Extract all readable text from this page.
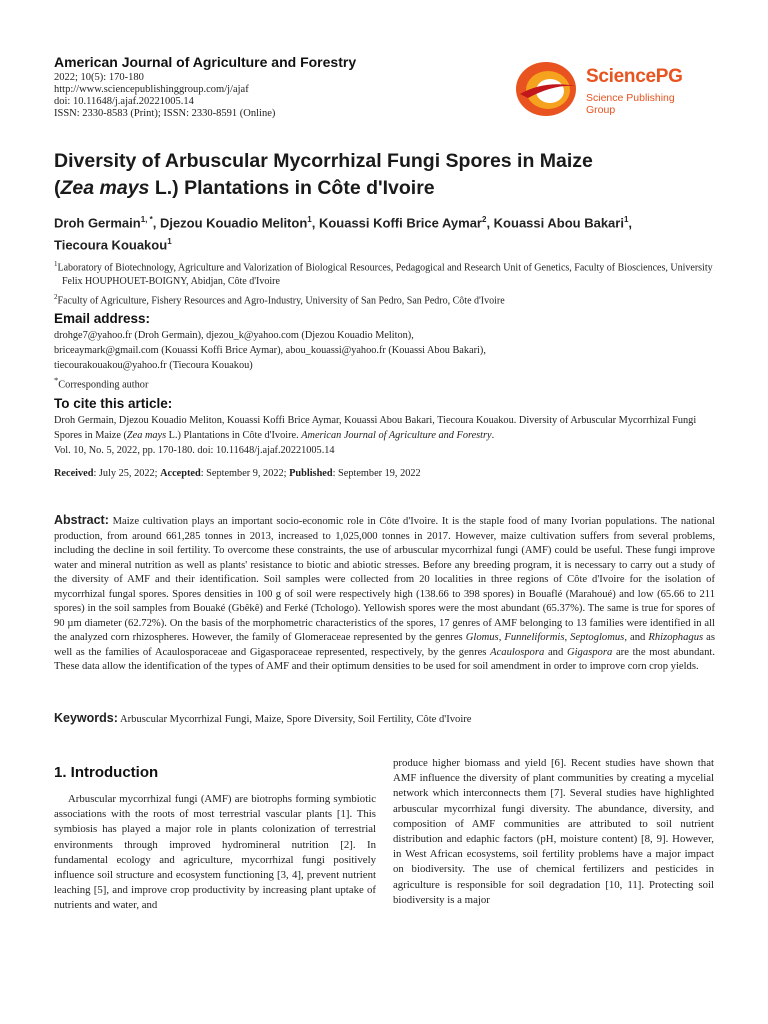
American Journal of Agriculture and Forestry
2022; 10(5): 170-180
http://www.sciencepublishinggroup.com/j/ajaf
doi: 10.11648/j.ajaf.20221005.14
ISSN: 2330-8583 (Print); ISSN: 2330-8591 (Online)
SciencePG
Science Publishing Group
Diversity of Arbuscular Mycorrhizal Fungi Spores in Maize
(Zea mays L.) Plantations in Côte d'Ivoire
Droh Germain$^{1, *}$, Djezou Kouadio Meliton$^1$, Kouassi Koffi Brice Aymar$^2$, Kouassi Abou Bakari$^1$,
Tiecoura Kouakou$^1$
$^1$Laboratory of Biotechnology, Agriculture and Valorization of Biological Resources, Pedagogical and Research Unit of Genetics, Faculty of Biosciences, University Felix HOUPHOUET-BOIGNY, Abidjan, Côte d'Ivoire
$^2$Faculty of Agriculture, Fishery Resources and Agro-Industry, University of San Pedro, San Pedro, Côte d'Ivoire
Email address:
drohge7@yahoo.fr (Droh Germain), djezou_k@yahoo.com (Djezou Kouadio Meliton),
briceaymark@gmail.com (Kouassi Koffi Brice Aymar), abou_kouassi@yahoo.fr (Kouassi Abou Bakari),
tiecourakouakou@yahoo.fr (Tiecoura Kouakou)
*Corresponding author
To cite this article:
Droh Germain, Djezou Kouadio Meliton, Kouassi Koffi Brice Aymar, Kouassi Abou Bakari, Tiecoura Kouakou. Diversity of Arbuscular Mycorrhizal Fungi Spores in Maize (Zea mays L.) Plantations in Côte d'Ivoire. American Journal of Agriculture and Forestry.
Vol. 10, No. 5, 2022, pp. 170-180. doi: 10.11648/j.ajaf.20221005.14
Received: July 25, 2022; Accepted: September 9, 2022; Published: September 19, 2022
Abstract: Maize cultivation plays an important socio-economic role in Côte d'Ivoire. It is the staple food of many Ivorian populations. The national production, from around 661,285 tonnes in 2013, increased to 1,025,000 tonnes in 2017. However, maize cultivation suffers from several problems, including the decline in soil fertility. To overcome these constraints, the use of arbuscular mycorrhizal fungi (AMF) could be useful. These fungi improve water and mineral nutrition as well as plants' resistance to biotic and abiotic stresses. Before any breeding program, it is necessary to carry out a study of the diversity of AMF and their identification. Soil samples were collected from 20 localities in three regions of Côte d'Ivoire for the isolation of mycorrhizal fungal spores. Spores densities in 100 g of soil were respectively high (138.66 to 398 spores) in Bouaflé (Marahoué) and low (65.66 to 211 spores) in the soil samples from Bouaké (Gbêkê) and Ferké (Tchologo). Yellowish spores were the most abundant (65.37%). The same is true for spores of 90 µm diameter (62.72%). On the basis of the morphometric characteristics of the spores, 17 genres of AMF belonging to 13 families were identified in all the analyzed corn rhizospheres. However, the family of Glomeraceae represented by the genres Glomus, Funneliformis, Septoglomus, and Rhizophagus as well as the families of Acaulosporaceae and Gigasporaceae represented, respectively, by the genres Acaulospora and Gigaspora are the most abundant. These data allow the identification of the types of AMF and their optimum densities to be used for soil amendment in order to improve corn crop yields.
Keywords: Arbuscular Mycorrhizal Fungi, Maize, Spore Diversity, Soil Fertility, Côte d'Ivoire
1. Introduction
Arbuscular mycorrhizal fungi (AMF) are biotrophs forming symbiotic associations with the roots of most terrestrial vascular plants [1]. This symbiosis has played a major role in plants colonization of terrestrial environments through improved hydromineral nutrition [2]. In fundamental ecology and agriculture, mycorrhizal fungi positively influence soil structure and ecosystem functioning [3, 4], prevent nutrient leaching [5], and improve crop productivity by increasing plant uptake of nutrients and water, and
produce higher biomass and yield [6]. Recent studies have shown that AMF influence the diversity of plant communities by creating a mycelial network which interconnects them [7]. Several studies have highlighted arbuscular mycorrhizal fungi diversity. The abundance, diversity, and composition of AMF communities are attributed to soil nutrient distribution and edaphic factors (pH, moisture content) [8, 9]. However, in West African ecosystems, soil fertility problems have a major impact on biodiversity. The use of chemical fertilizers and pesticides in agriculture is responsible for soil degradation [10, 11]. Protecting soil biodiversity is a major
